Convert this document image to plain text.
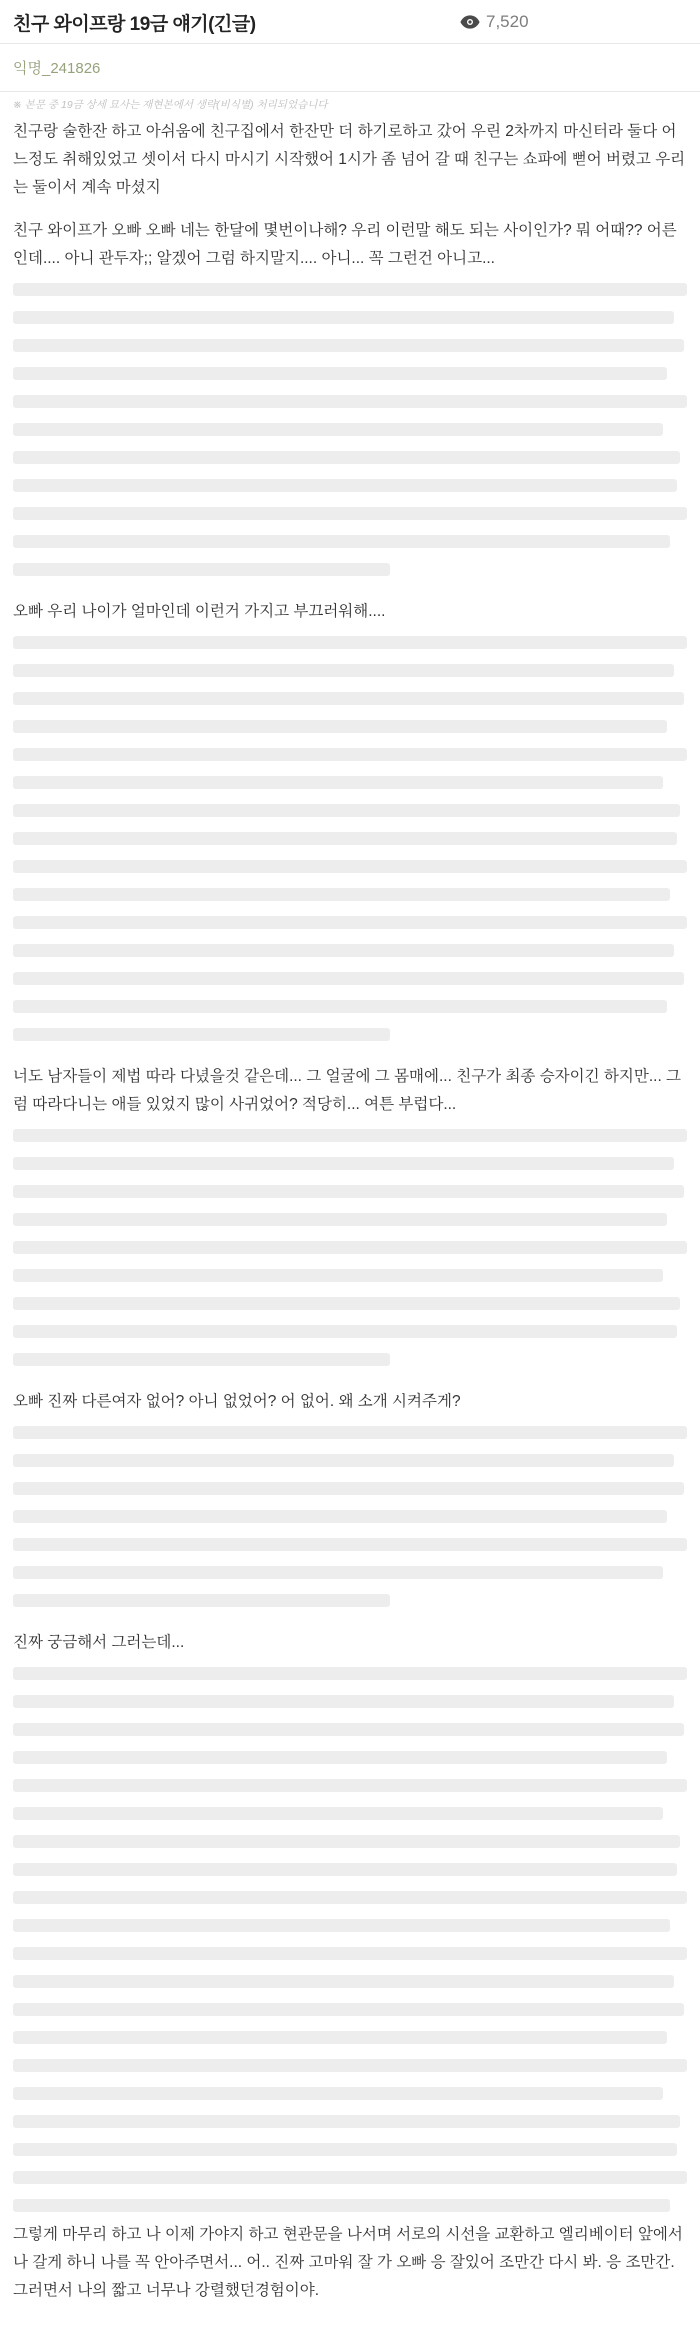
친구 와이프랑 19금 얘기(긴글)	7,520
익명_241826
※ 본문 중 19금 상세 묘사는 재현본에서 생략(비식별) 처리되었습니다
친구랑 술한잔 하고 아쉬움에 친구집에서 한잔만 더 하기로하고 갔어 우린 2차까지 마신터라 둘다 어느정도 취해있었고 셋이서 다시 마시기 시작했어 1시가 좀 넘어 갈 때 친구는 쇼파에 뻗어 버렸고 우리는 둘이서 계속 마셨지
친구 와이프가 오빠 오빠 네는 한달에 몇번이나해? 우리 이런말 해도 되는 사이인가? 뭐 어때?? 어른인데.... 아니 관두자;; 알겠어 그럼 하지말지.... 아니... 꼭 그런건 아니고...
오빠 우리 나이가 얼마인데 이런거 가지고 부끄러워해....
너도 남자들이 제법 따라 다녔을것 같은데... 그 얼굴에 그 몸매에... 친구가 최종 승자이긴 하지만... 그럼 따라다니는 애들 있었지 많이 사귀었어? 적당히... 여튼 부럽다...
오빠 진짜 다른여자 없어? 아니 없었어? 어 없어. 왜 소개 시켜주게?
진짜 궁금해서 그러는데...
그렇게 마무리 하고 나 이제 가야지 하고 현관문을 나서며 서로의 시선을 교환하고 엘리베이터 앞에서 나 갈게 하니 나를 꼭 안아주면서... 어.. 진짜 고마워 잘 가 오빠 응 잘있어 조만간 다시 봐. 응 조만간. 그러면서 나의 짧고 너무나 강렬했던경험이야.
